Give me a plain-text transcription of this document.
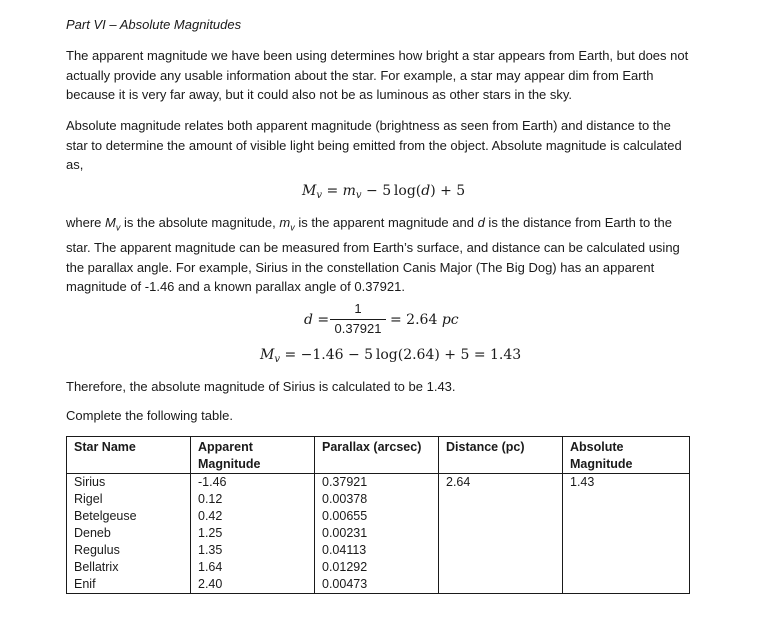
Part VI – Absolute Magnitudes
The apparent magnitude we have been using determines how bright a star appears from Earth, but does not actually provide any usable information about the star. For example, a star may appear dim from Earth because it is very far away, but it could also not be as luminous as other stars in the sky.
Absolute magnitude relates both apparent magnitude (brightness as seen from Earth) and distance to the star to determine the amount of visible light being emitted from the object. Absolute magnitude is calculated as,
$M_v = m_v - 5$ log(d) + 5
where $M_v$ is the absolute magnitude, $m_v$ is the apparent magnitude and d is the distance from Earth to the star. The apparent magnitude can be measured from Earth’s surface, and distance can be calculated using the parallax angle. For example, Sirius in the constellation Canis Major (The Big Dog) has an apparent magnitude of -1.46 and a known parallax angle of 0.37921.
d =
1
0.37921
= 2.64 pc
$M_v = -1.46 - 5$ log(2.64) + 5 = 1.43
Therefore, the absolute magnitude of Sirius is calculated to be 1.43.
Complete the following table.
Star Name	Apparent Magnitude	Parallax (arcsec)	Distance (pc)	Absolute Magnitude
Sirius	-1.46	0.37921	2.64	1.43
Rigel	0.12	0.00378		
Betelgeuse	0.42	0.00655		
Deneb	1.25	0.00231		
Regulus	1.35	0.04113		
Bellatrix	1.64	0.01292		
Enif	2.40	0.00473		
